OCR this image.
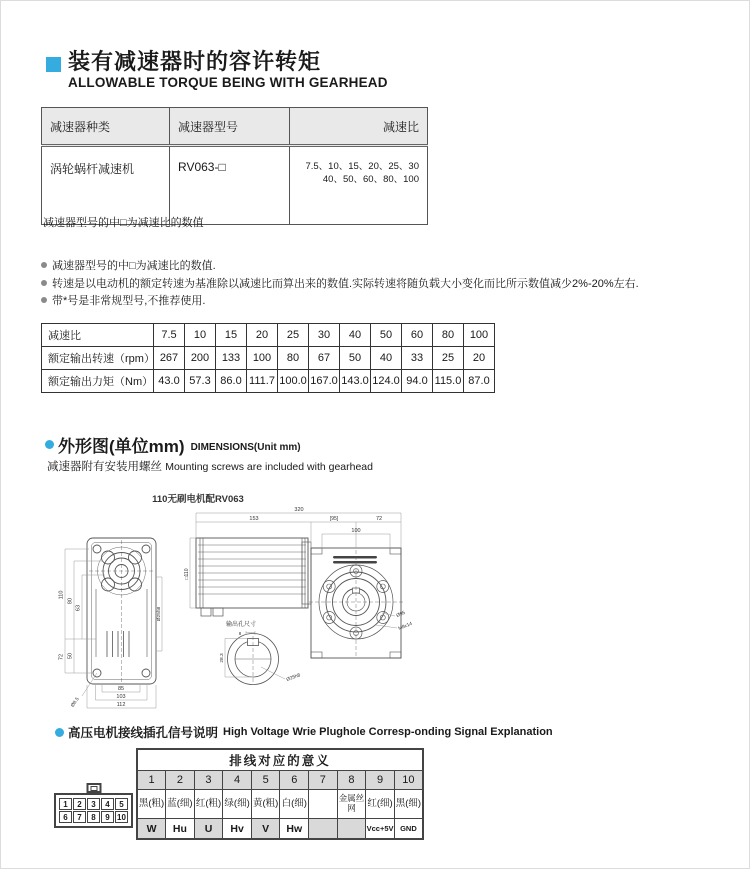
装有减速器时的容许转矩
ALLOWABLE TORQUE BEING WITH GEARHEAD
减速器种类	减速器型号	减速比
涡轮蜗杆减速机	RV063-□	7.5、10、15、20、25、30
40、50、60、80、100
减速器型号的中□为减速比的数值
减速器型号的中□为减速比的数值.
转速是以电动机的额定转速为基准除以减速比而算出来的数值.实际转速将随负载大小变化而比所示数值减少2%-20%左右.
带*号是非常规型号,不推荐使用.
减速比	7.5	10	15	20	25	30	40	50	60	80	100
额定输出转速（rpm）	267	200	133	100	80	67	50	40	33	25	20
额定输出力矩（Nm）	43.0	57.3	86.0	111.7	100.0	167.0	143.0	124.0	94.0	115.0	87.0
外形图(单位mm) DIMENSIONS(Unit mm)
减速器附有安装用螺丝 Mounting screws are included with gearhead
110无刷电机配RV063
110
72
80
50
63	Ø25h8
85
103
112
Ø8.5
320
153	[95]	72
100
□110
Ø95
M8x14
输出孔尺寸
8
28.3
Ø25h8
高压电机接线插孔信号说明 High Voltage Wrie Plughole Corresp-onding Signal Explanation
1	2	3	4	5
6	7	8	9 10
排线对应的意义									
1	2	3	4	5	6	7	8	9	10
黑(粗)	蓝(细)	红(粗)	绿(细)	黄(粗)	白(细)		金属丝网	红(细)	黑(细)
W	Hu	U	Hv	V	Hw			Vcc+5V	GND
